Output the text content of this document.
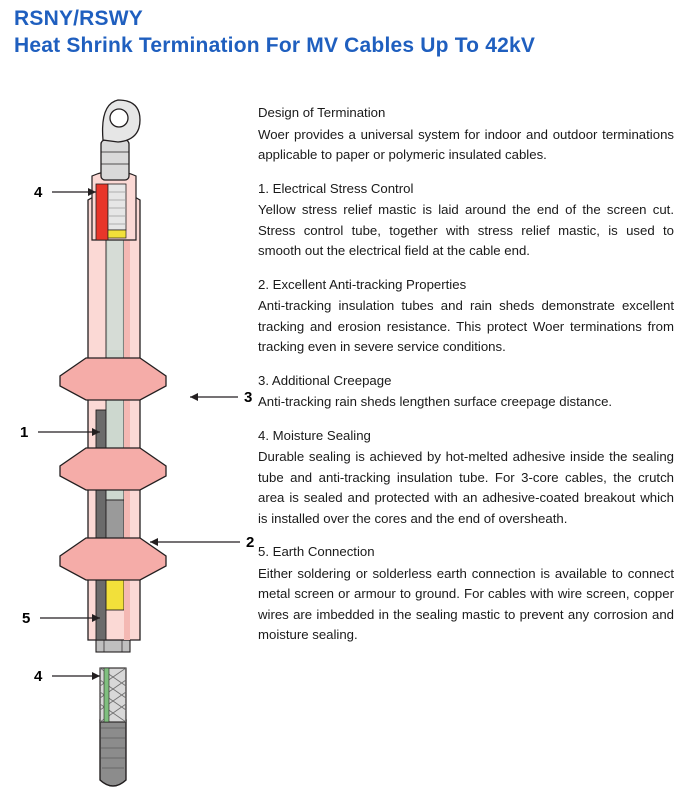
RSNY/RSWY
Heat Shrink Termination For MV Cables Up To 42kV
4
1
3
2
5
4
Design of Termination
Woer provides a universal system for indoor and outdoor terminations applicable to paper or polymeric insulated cables.
1. Electrical Stress Control
Yellow stress relief mastic is laid around the end of the screen cut. Stress control tube, together with stress relief mastic, is used to smooth out the electrical field at the cable end.
2. Excellent Anti-tracking Properties
Anti-tracking insulation tubes and rain sheds demonstrate excellent tracking and erosion resistance. This protect Woer terminations from tracking even in severe service conditions.
3. Additional Creepage
Anti-tracking rain sheds lengthen surface creepage distance.
4. Moisture Sealing
Durable sealing is achieved by hot-melted adhesive inside the sealing tube and anti-tracking insulation tube. For 3-core cables, the crutch area is sealed and protected with an adhesive-coated breakout which is installed over the cores and the end of oversheath.
5. Earth Connection
Either soldering or solderless earth connection is available to connect metal screen or armour to ground. For cables with wire screen, copper wires are imbedded in the sealing mastic to prevent any corrosion and moisture sealing.
